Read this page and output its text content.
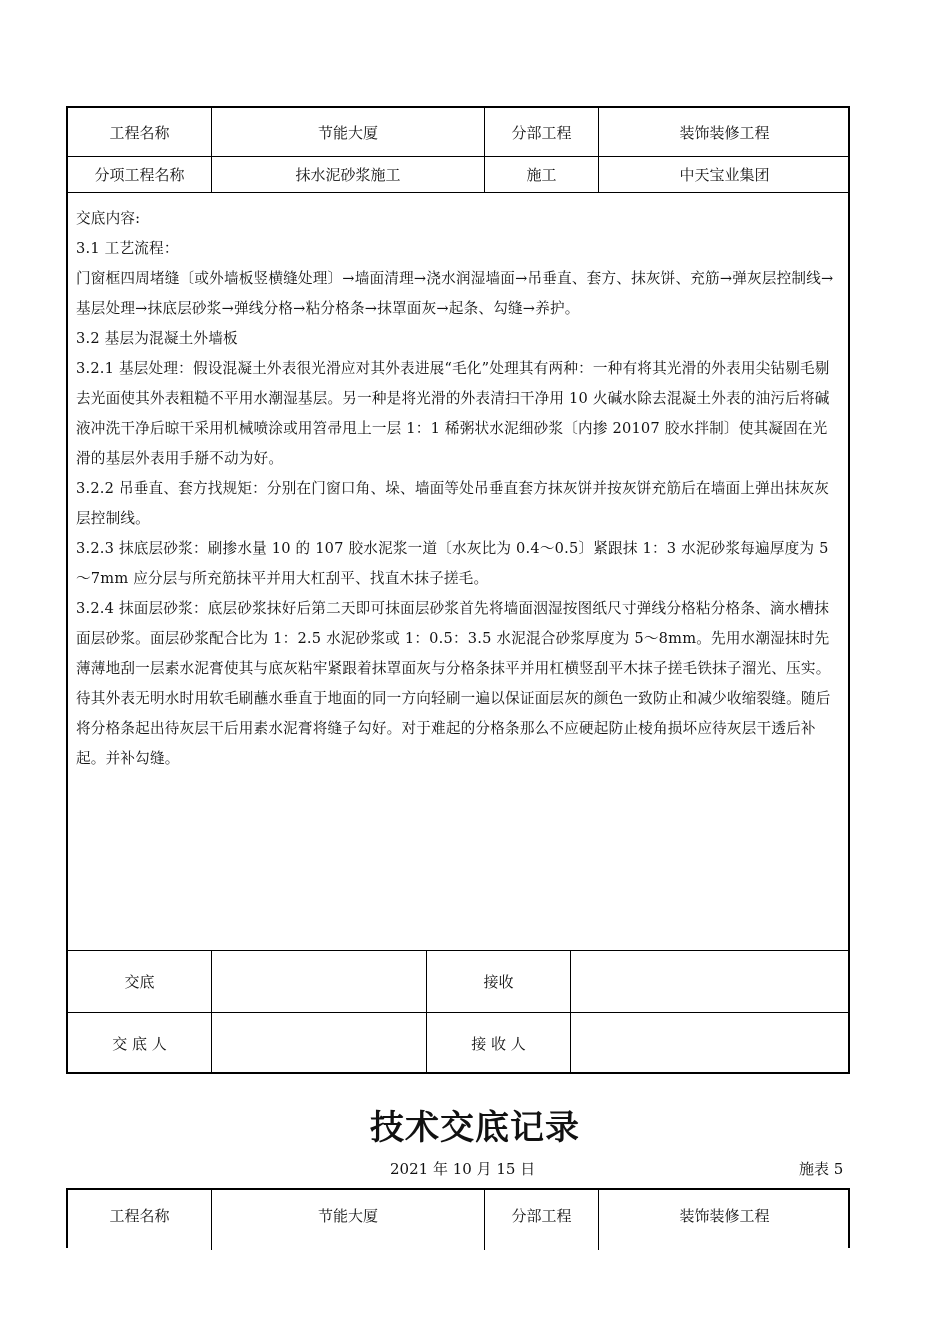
工程名称	节能大厦	分部工程	装饰装修工程
分项工程名称	抹水泥砂浆施工	施工	中天宝业集团

交底内容:

3.1 工艺流程：

门窗框四周堵缝〔或外墙板竖横缝处理〕→墙面清理→浇水润湿墙面→吊垂直、套方、抹灰饼、充筋→弹灰层控制线→基层处理→抹底层砂浆→弹线分格→粘分格条→抹罩面灰→起条、勾缝→养护。

3.2 基层为混凝土外墙板

3.2.1 基层处理：假设混凝土外表很光滑应对其外表进展“毛化”处理其有两种：一种有将其光滑的外表用尖钻剔毛剔去光面使其外表粗糙不平用水潮湿基层。另一种是将光滑的外表清扫干净用 10 火碱水除去混凝土外表的油污后将碱液冲洗干净后晾干采用机械喷涂或用笤帚甩上一层 1：1 稀粥状水泥细砂浆〔内掺 20107 胶水拌制〕使其凝固在光滑的基层外表用手掰不动为好。

3.2.2 吊垂直、套方找规矩：分别在门窗口角、垛、墙面等处吊垂直套方抹灰饼并按灰饼充筋后在墙面上弹出抹灰灰层控制线。

3.2.3 抹底层砂浆：刷掺水量 10 的 107 胶水泥浆一道〔水灰比为 0.4～0.5〕紧跟抹 1：3 水泥砂浆每遍厚度为 5～7mm 应分层与所充筋抹平并用大杠刮平、找直木抹子搓毛。

3.2.4 抹面层砂浆：底层砂浆抹好后第二天即可抹面层砂浆首先将墙面洇湿按图纸尺寸弹线分格粘分格条、滴水槽抹面层砂浆。面层砂浆配合比为 1：2.5 水泥砂浆或 1：0.5：3.5 水泥混合砂浆厚度为 5～8mm。先用水潮湿抹时先薄薄地刮一层素水泥膏使其与底灰粘牢紧跟着抹罩面灰与分格条抹平并用杠横竖刮平木抹子搓毛铁抹子溜光、压实。待其外表无明水时用软毛刷蘸水垂直于地面的同一方向轻刷一遍以保证面层灰的颜色一致防止和减少收缩裂缝。随后将分格条起出待灰层干后用素水泥膏将缝子勾好。对于难起的分格条那么不应硬起防止棱角损坏应待灰层干透后补起。并补勾缝。

交底	接收
交 底 人	接 收 人
技术交底记录
2021 年 10 月 15 日	施表 5
工程名称	节能大厦	分部工程	装饰装修工程
